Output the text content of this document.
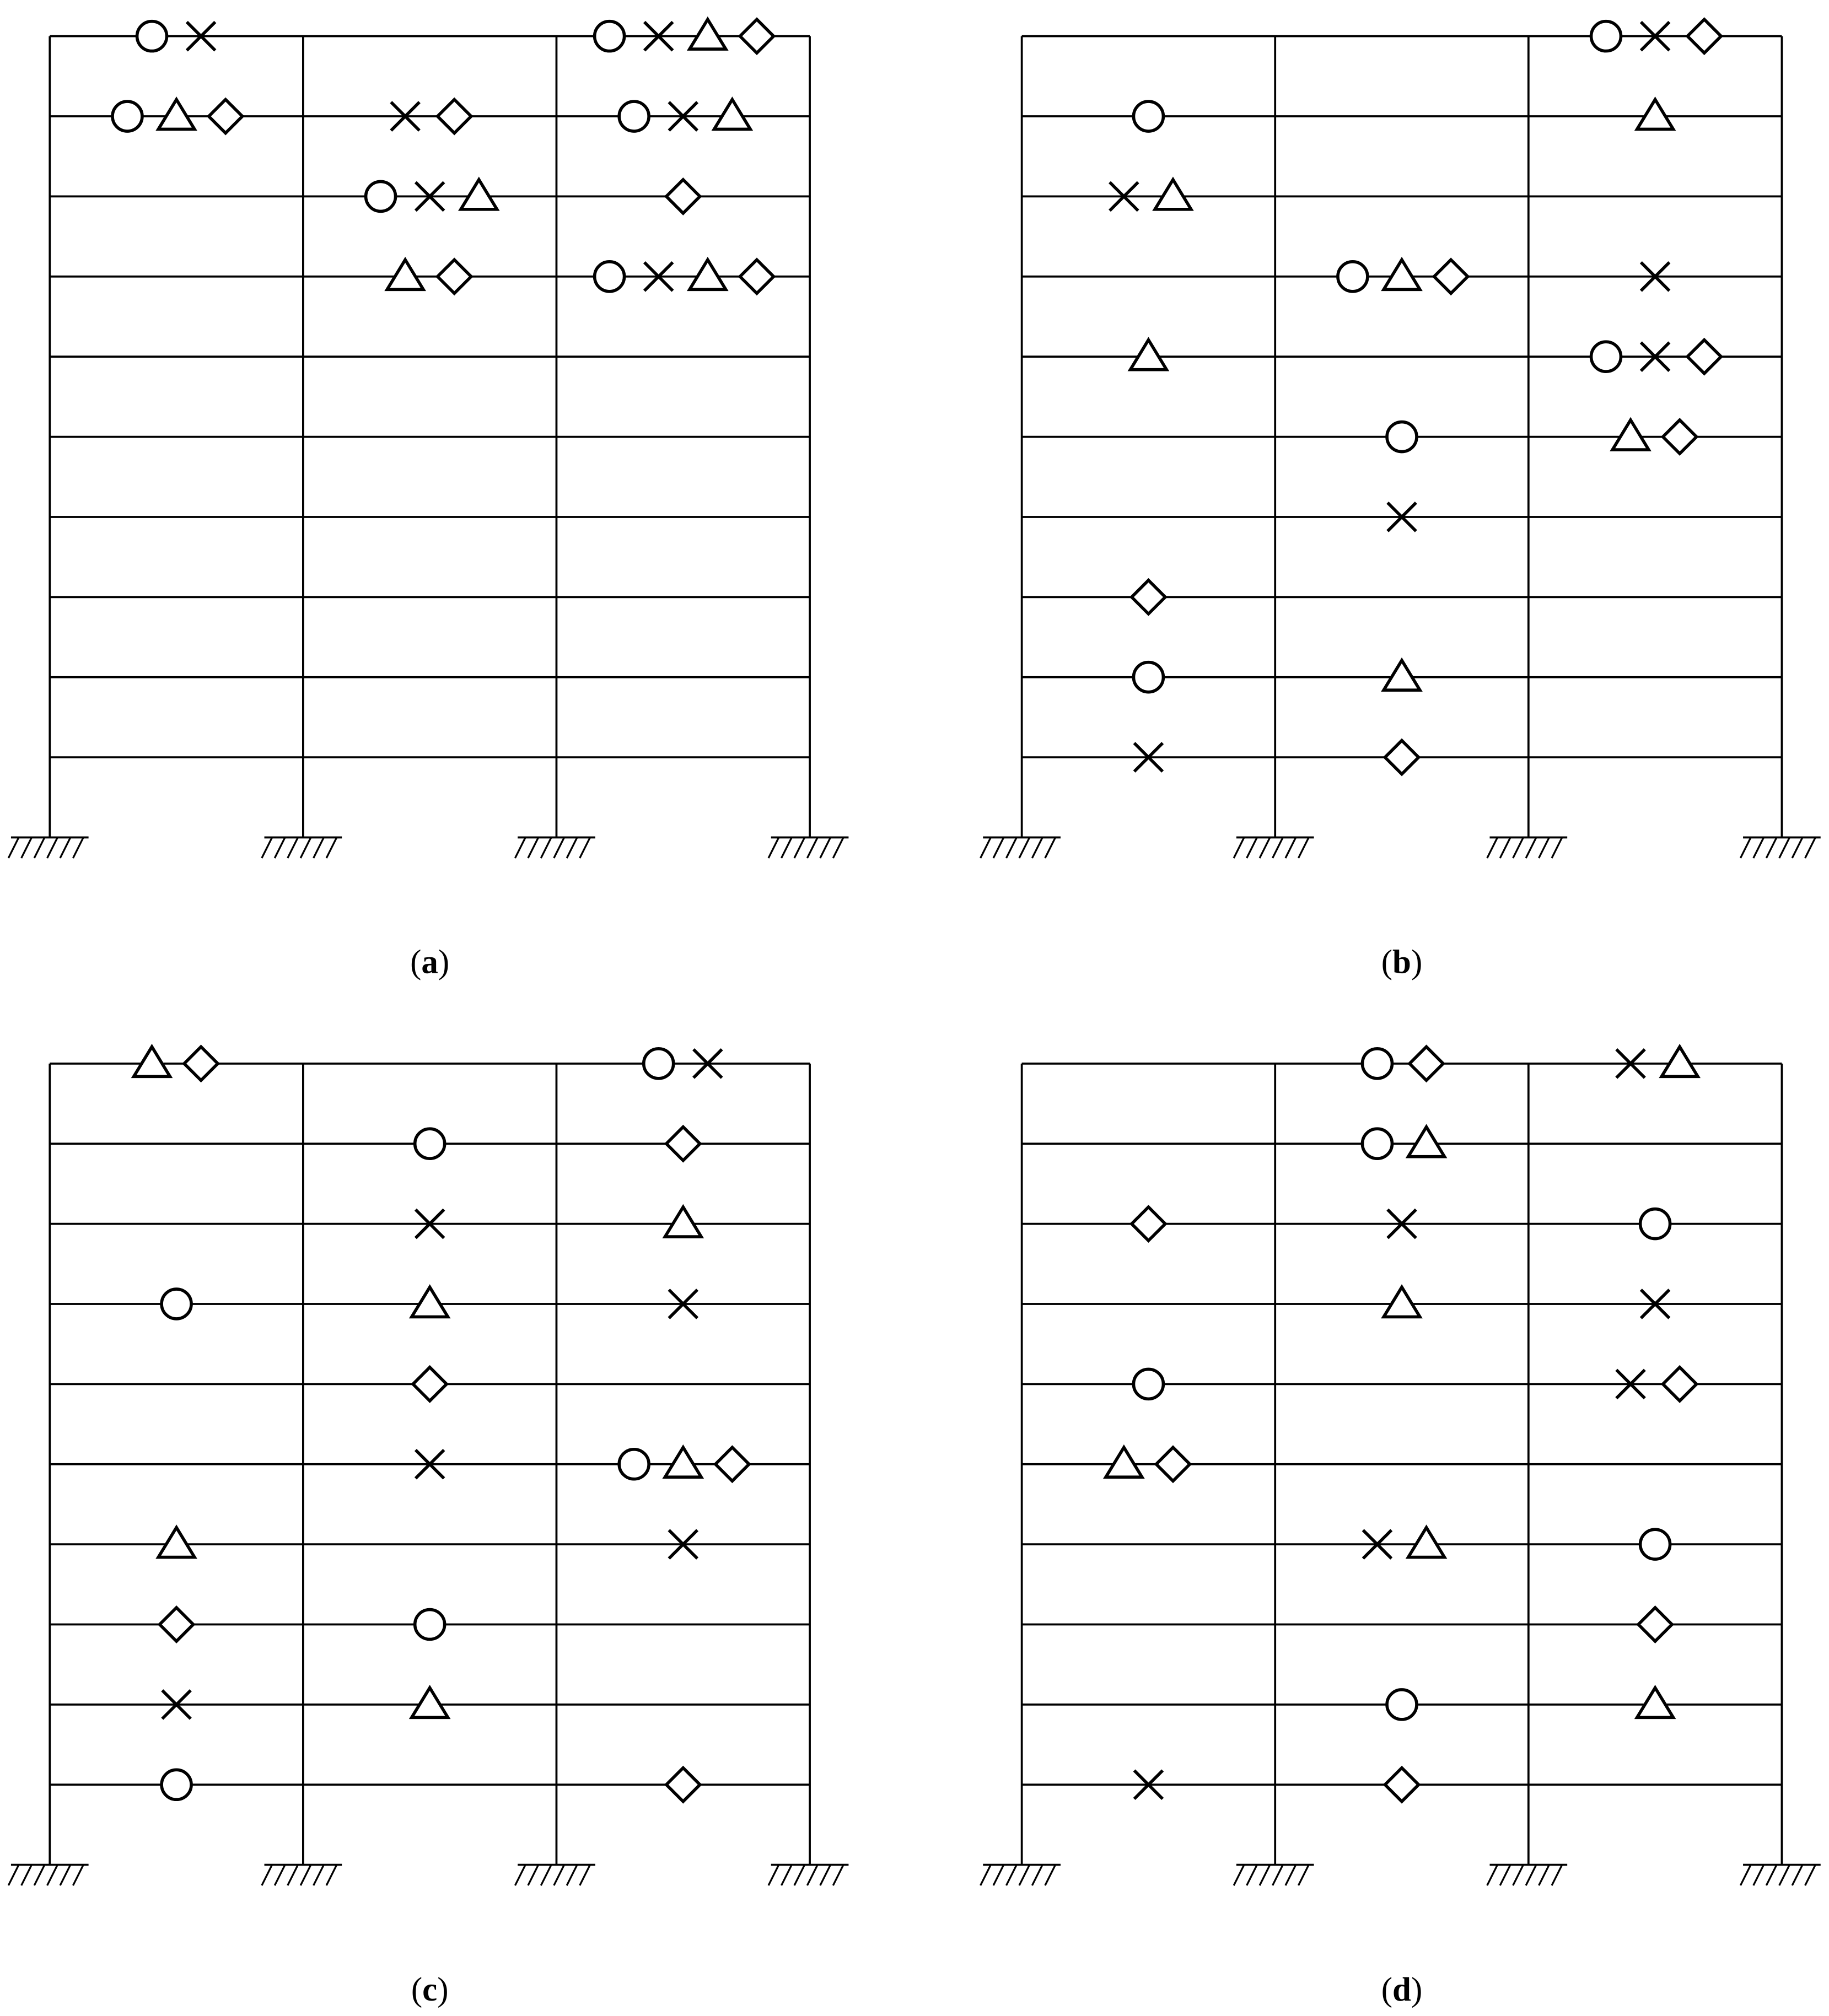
(a)	(b)
(c)	(d)
